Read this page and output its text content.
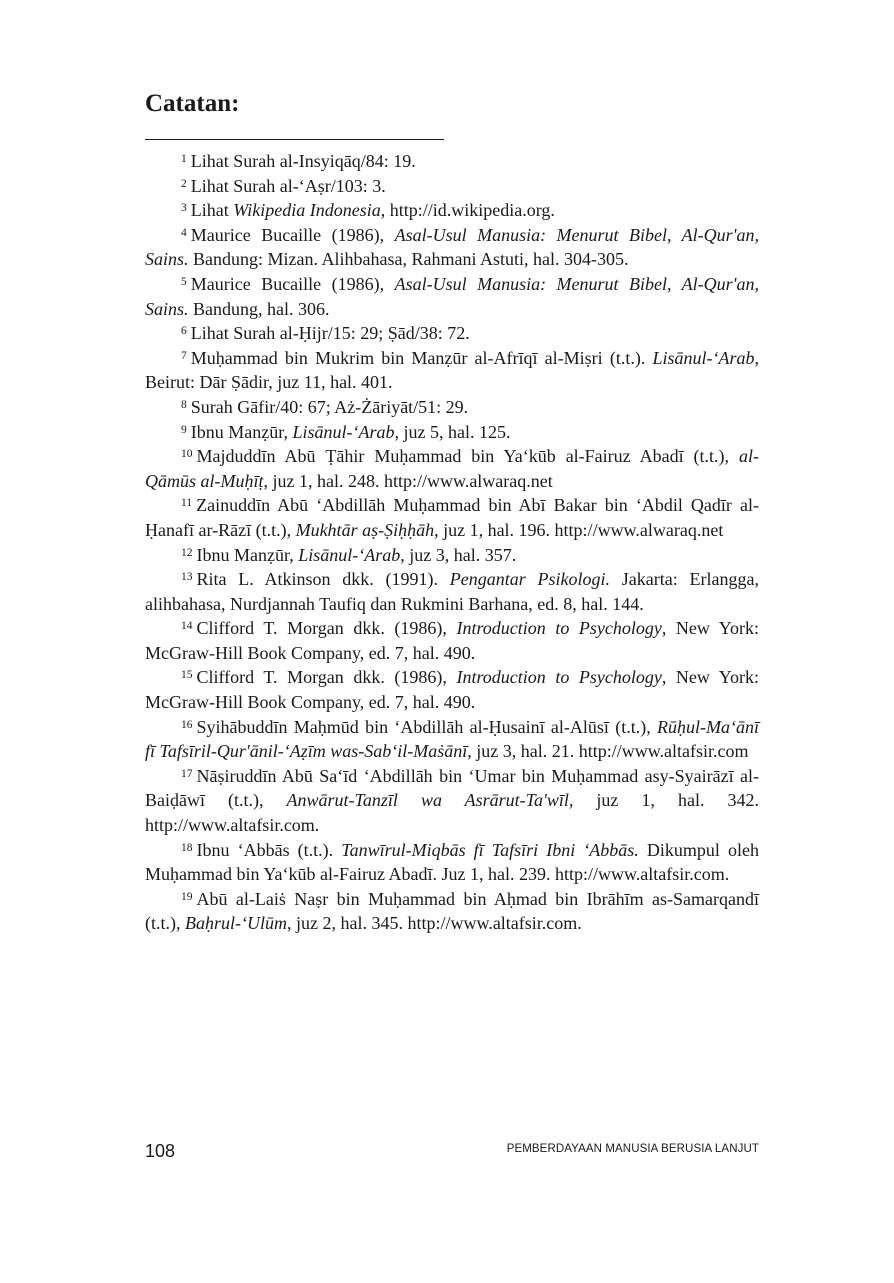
Catatan:

$^1$ Lihat Surah al-Insyiqāq/84: 19.

$^2$ Lihat Surah al-‘Aṣr/103: 3.

$^3$ Lihat Wikipedia Indonesia, http://id.wikipedia.org.

$^4$ Maurice Bucaille (1986), Asal-Usul Manusia: Menurut Bibel, Al-Qur'an, Sains. Bandung: Mizan. Alihbahasa, Rahmani Astuti, hal. 304-305.

$^5$ Maurice Bucaille (1986), Asal-Usul Manusia: Menurut Bibel, Al-Qur'an, Sains. Bandung, hal. 306.

$^6$ Lihat Surah al-Ḥijr/15: 29; Ṣād/38: 72.

$^7$ Muḥammad bin Mukrim bin Manẓūr al-Afrīqī al-Miṣri (t.t.). Lisānul-‘Arab, Beirut: Dār Ṣādir, juz 11, hal. 401.

$^8$ Surah Gāfir/40: 67; Aż-Żāriyāt/51: 29.

$^9$ Ibnu Manẓūr, Lisānul-‘Arab, juz 5, hal. 125.

$^{10}$ Majduddīn Abū Ṭāhir Muḥammad bin Ya‘kūb al-Fairuz Abadī (t.t.), al-Qāmūs al-Muḥīṭ, juz 1, hal. 248. http://www.alwaraq.net

$^{11}$ Zainuddīn Abū ‘Abdillāh Muḥammad bin Abī Bakar bin ‘Abdil Qadīr al-Ḥanafī ar-Rāzī (t.t.), Mukhtār aṣ-Ṣiḥḥāh, juz 1, hal. 196. http://www.alwaraq.net

$^{12}$ Ibnu Manẓūr, Lisānul-‘Arab, juz 3, hal. 357.

$^{13}$ Rita L. Atkinson dkk. (1991). Pengantar Psikologi. Jakarta: Erlangga, alihbahasa, Nurdjannah Taufiq dan Rukmini Barhana, ed. 8, hal. 144.

$^{14}$ Clifford T. Morgan dkk. (1986), Introduction to Psychology, New York: McGraw-Hill Book Company, ed. 7, hal. 490.

$^{15}$ Clifford T. Morgan dkk. (1986), Introduction to Psychology, New York: McGraw-Hill Book Company, ed. 7, hal. 490.

$^{16}$ Syihābuddīn Maḥmūd bin ‘Abdillāh al-Ḥusainī al-Alūsī (t.t.), Rūḥul-Ma‘ānī fī Tafsīril-Qur'ānil-‘Aẓīm was-Sab‘il-Maṡānī, juz 3, hal. 21. http://www.altafsir.com

$^{17}$ Nāṣiruddīn Abū Sa‘īd ‘Abdillāh bin ‘Umar bin Muḥammad asy-Syairāzī al-Baiḍāwī (t.t.), Anwārut-Tanzīl wa Asrārut-Ta'wīl, juz 1, hal. 342. http://www.altafsir.com.

$^{18}$ Ibnu ‘Abbās (t.t.). Tanwīrul-Miqbās fī Tafsīri Ibni ‘Abbās. Dikumpul oleh Muḥammad bin Ya‘kūb al-Fairuz Abadī. Juz 1, hal. 239. http://www.altafsir.com.

$^{19}$ Abū al-Laiṡ Naṣr bin Muḥammad bin Aḥmad bin Ibrāhīm as-Samarqandī (t.t.), Baḥrul-‘Ulūm, juz 2, hal. 345. http://www.altafsir.com.

108	PEMBERDAYAAN MANUSIA BERUSIA LANJUT
